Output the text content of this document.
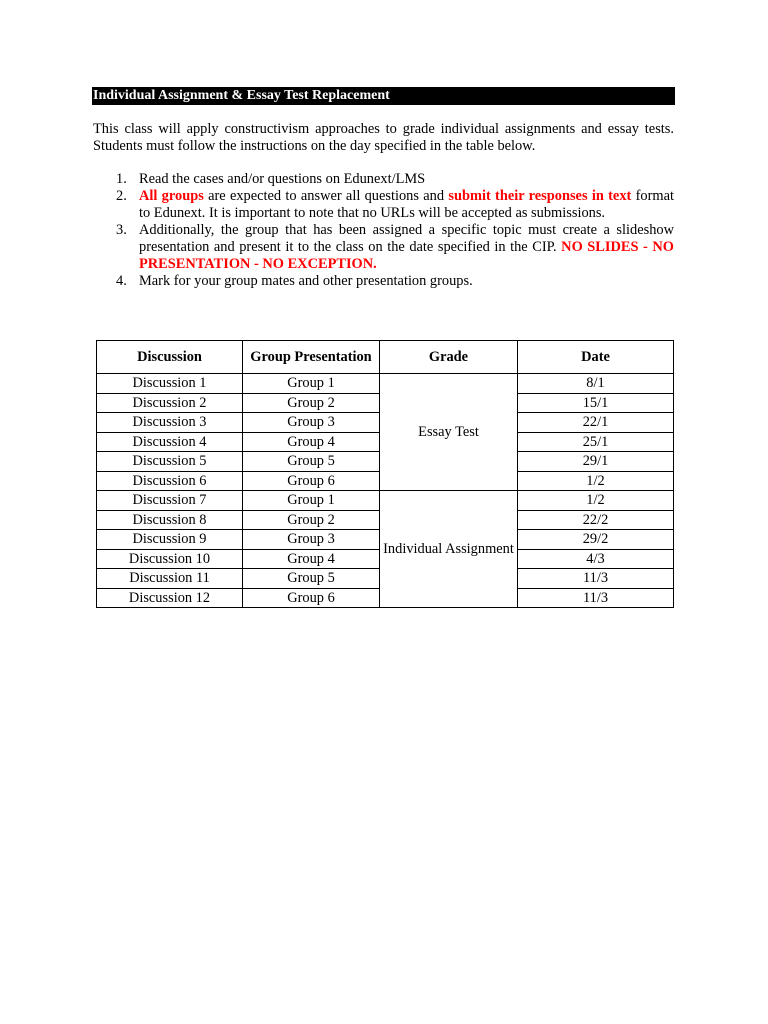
Individual Assignment & Essay Test Replacement

This class will apply constructivism approaches to grade individual assignments and essay tests. Students must follow the instructions on the day specified in the table below.

1. Read the cases and/or questions on Edunext/LMS
2. All groups are expected to answer all questions and submit their responses in text format to Edunext. It is important to note that no URLs will be accepted as submissions.
3. Additionally, the group that has been assigned a specific topic must create a slideshow presentation and present it to the class on the date specified in the CIP. NO SLIDES - NO PRESENTATION - NO EXCEPTION.
4. Mark for your group mates and other presentation groups.
Discussion	Group Presentation	Grade	Date
Discussion 1	Group 1	Essay Test	8/1
Discussion 2	Group 2		15/1
Discussion 3	Group 3		22/1
Discussion 4	Group 4		25/1
Discussion 5	Group 5		29/1
Discussion 6	Group 6		1/2
Discussion 7	Group 1	Individual Assignment	1/2
Discussion 8	Group 2		22/2
Discussion 9	Group 3		29/2
Discussion 10	Group 4		4/3
Discussion 11	Group 5		11/3
Discussion 12	Group 6		11/3
